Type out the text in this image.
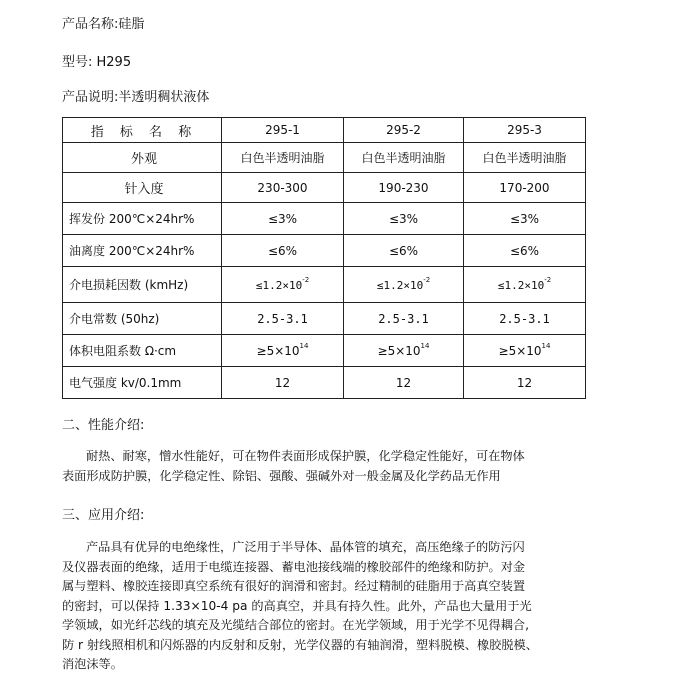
产品名称:硅脂
型号: H295
产品说明:半透明稠状液体
指 标 名 称	295-1	295-2	295-3
外观	白色半透明油脂	白色半透明油脂	白色半透明油脂
针入度	230-300	190-230	170-200
挥发份 200℃×24hr%	≤3%	≤3%	≤3%
油离度 200℃×24hr%	≤6%	≤6%	≤6%
介电损耗因数 (kmHz)	$\le 1.2\times 10^{-2}$	$\le 1.2\times 10^{-2}$	$\le 1.2\times 10^{-2}$
介电常数 (50hz)	2.5-3.1	2.5-3.1	2.5-3.1
体积电阻系数 Ω·cm	$\ge 5\times 10^{14}$	$\ge 5\times 10^{14}$	$\ge 5\times 10^{14}$
电气强度 kv/0.1mm	12	12	12
二、性能介绍:
耐热、耐寒，憎水性能好，可在物件表面形成保护膜，化学稳定性能好，可在物体
表面形成防护膜，化学稳定性、除铝、强酸、强碱外对一般金属及化学药品无作用
三、应用介绍:
产品具有优异的电绝缘性，广泛用于半导体、晶体管的填充，高压绝缘子的防污闪
及仪器表面的绝缘，适用于电缆连接器、蓄电池接线端的橡胶部件的绝缘和防护。对金
属与塑料、橡胶连接即真空系统有很好的润滑和密封。经过精制的硅脂用于高真空装置
的密封，可以保持 1.33×10-4 pa 的高真空，并具有持久性。此外，产品也大量用于光
学领域，如光纤芯线的填充及光缆结合部位的密封。在光学领域，用于光学不见得耦合,
防 r 射线照相机和闪烁器的内反射和反射，光学仪器的有轴润滑，塑料脱模、橡胶脱模、
消泡沫等。
